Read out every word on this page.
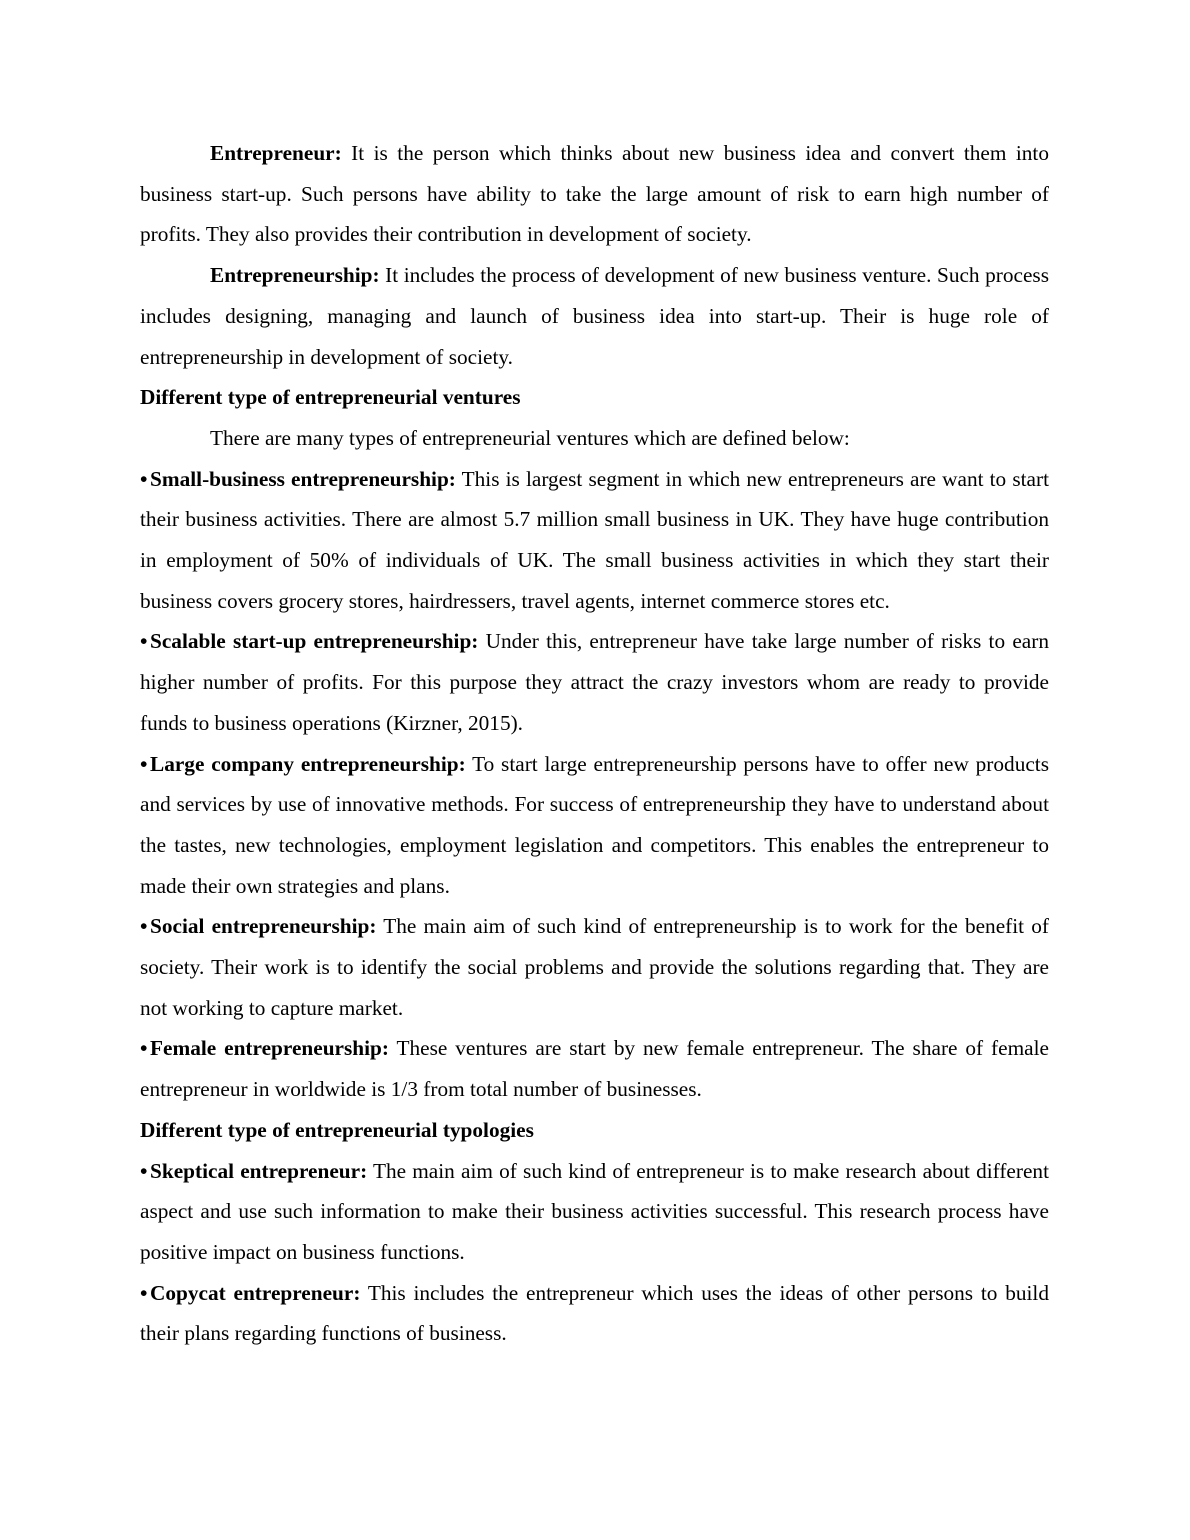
Entrepreneur: It is the person which thinks about new business idea and convert them into business start-up. Such persons have ability to take the large amount of risk to earn high number of profits. They also provides their contribution in development of society.

Entrepreneurship: It includes the process of development of new business venture. Such process includes designing, managing and launch of business idea into start-up. Their is huge role of entrepreneurship in development of society.

Different type of entrepreneurial ventures

There are many types of entrepreneurial ventures which are defined below:

• Small-business entrepreneurship: This is largest segment in which new entrepreneurs are want to start their business activities. There are almost 5.7 million small business in UK. They have huge contribution in employment of 50% of individuals of UK. The small business activities in which they start their business covers grocery stores, hairdressers, travel agents, internet commerce stores etc.

• Scalable start-up entrepreneurship: Under this, entrepreneur have take large number of risks to earn higher number of profits. For this purpose they attract the crazy investors whom are ready to provide funds to business operations (Kirzner, 2015).

• Large company entrepreneurship: To start large entrepreneurship persons have to offer new products and services by use of innovative methods. For success of entrepreneurship they have to understand about the tastes, new technologies, employment legislation and competitors. This enables the entrepreneur to made their own strategies and plans.

• Social entrepreneurship: The main aim of such kind of entrepreneurship is to work for the benefit of society. Their work is to identify the social problems and provide the solutions regarding that. They are not working to capture market.

• Female entrepreneurship: These ventures are start by new female entrepreneur. The share of female entrepreneur in worldwide is 1/3 from total number of businesses.

Different type of entrepreneurial typologies

• Skeptical entrepreneur: The main aim of such kind of entrepreneur is to make research about different aspect and use such information to make their business activities successful. This research process have positive impact on business functions.

• Copycat entrepreneur: This includes the entrepreneur which uses the ideas of other persons to build their plans regarding functions of business.
